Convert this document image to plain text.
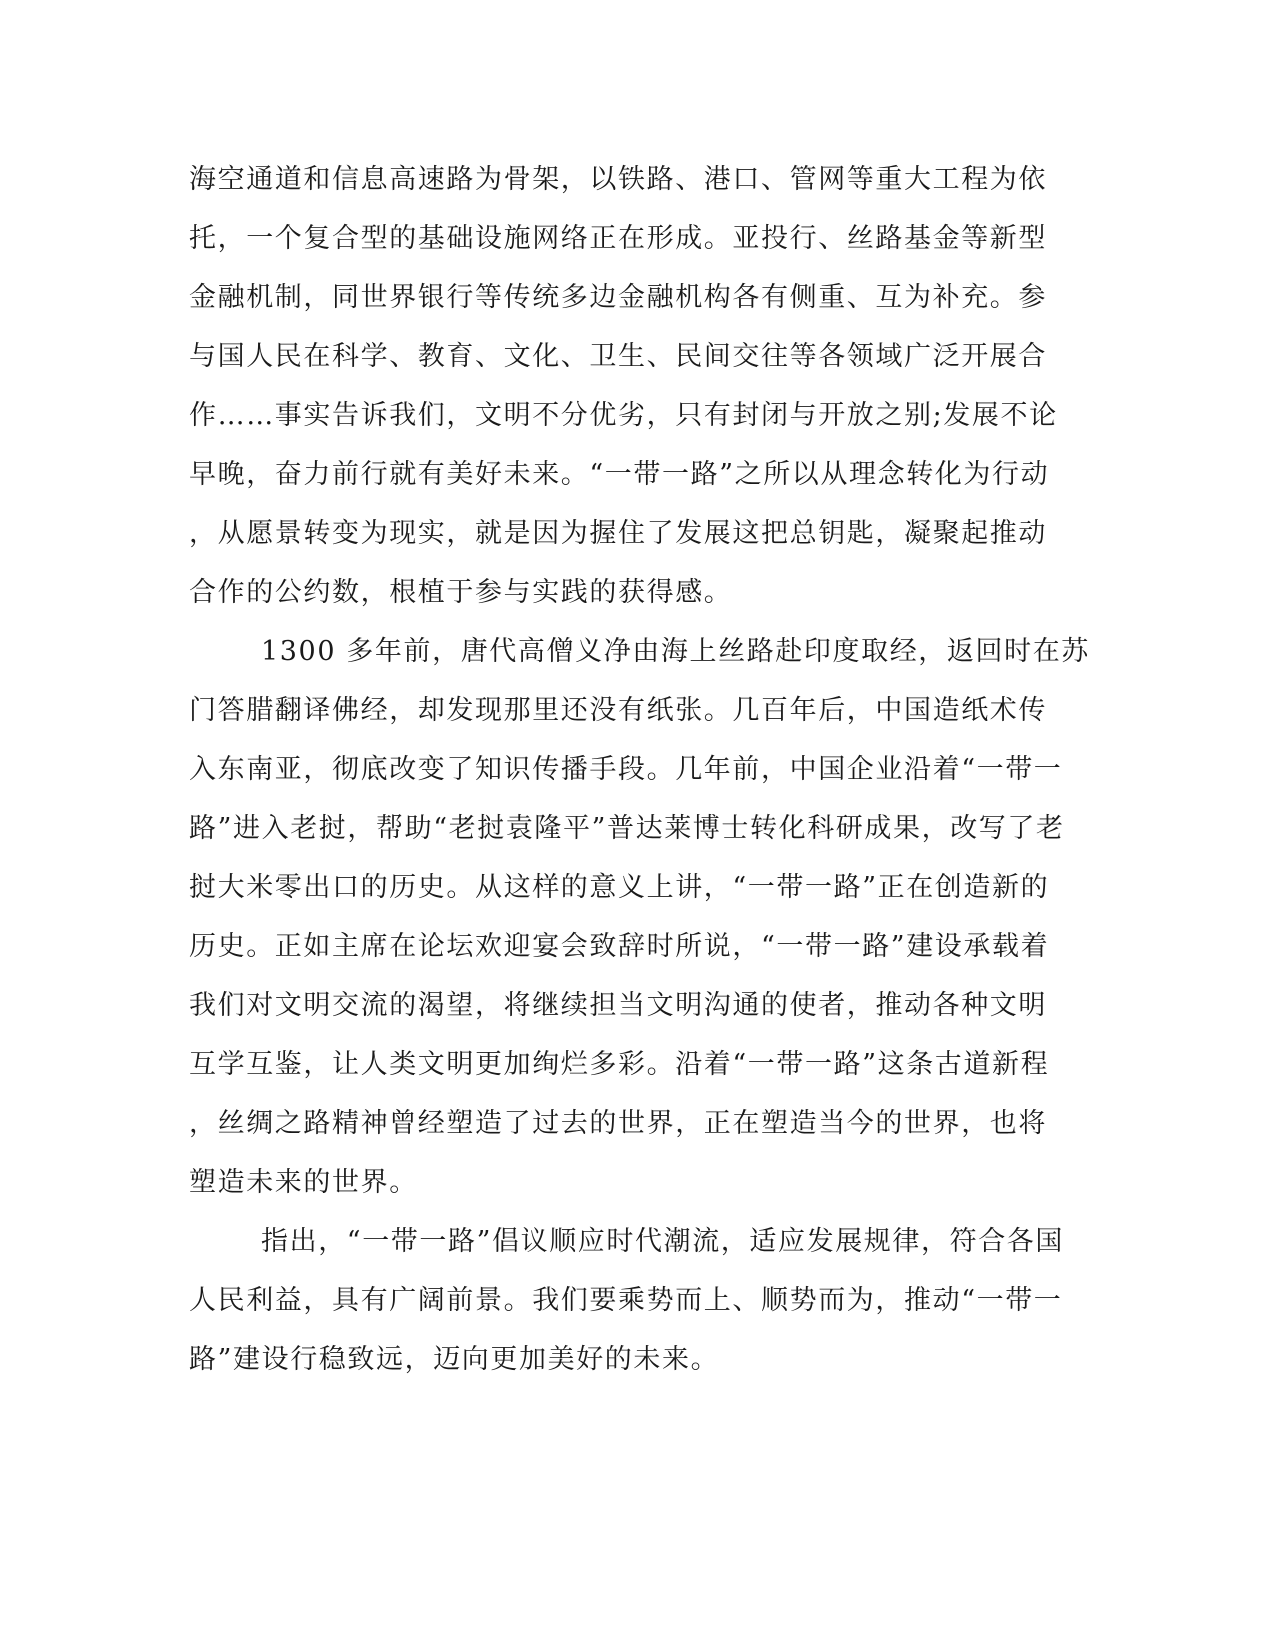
海空通道和信息高速路为骨架，以铁路、港口、管网等重大工程为依

托，一个复合型的基础设施网络正在形成。亚投行、丝路基金等新型

金融机制，同世界银行等传统多边金融机构各有侧重、互为补充。参

与国人民在科学、教育、文化、卫生、民间交往等各领域广泛开展合

作……事实告诉我们，文明不分优劣，只有封闭与开放之别;发展不论

早晚，奋力前行就有美好未来。“一带一路”之所以从理念转化为行动

，从愿景转变为现实，就是因为握住了发展这把总钥匙，凝聚起推动

合作的公约数，根植于参与实践的获得感。

1300 多年前，唐代高僧义净由海上丝路赴印度取经，返回时在苏

门答腊翻译佛经，却发现那里还没有纸张。几百年后，中国造纸术传

入东南亚，彻底改变了知识传播手段。几年前，中国企业沿着“一带一

路”进入老挝，帮助“老挝袁隆平”普达莱博士转化科研成果，改写了老

挝大米零出口的历史。从这样的意义上讲，“一带一路”正在创造新的

历史。正如主席在论坛欢迎宴会致辞时所说，“一带一路”建设承载着

我们对文明交流的渴望，将继续担当文明沟通的使者，推动各种文明

互学互鉴，让人类文明更加绚烂多彩。沿着“一带一路”这条古道新程

，丝绸之路精神曾经塑造了过去的世界，正在塑造当今的世界，也将

塑造未来的世界。

指出，“一带一路”倡议顺应时代潮流，适应发展规律，符合各国

人民利益，具有广阔前景。我们要乘势而上、顺势而为，推动“一带一

路”建设行稳致远，迈向更加美好的未来。
